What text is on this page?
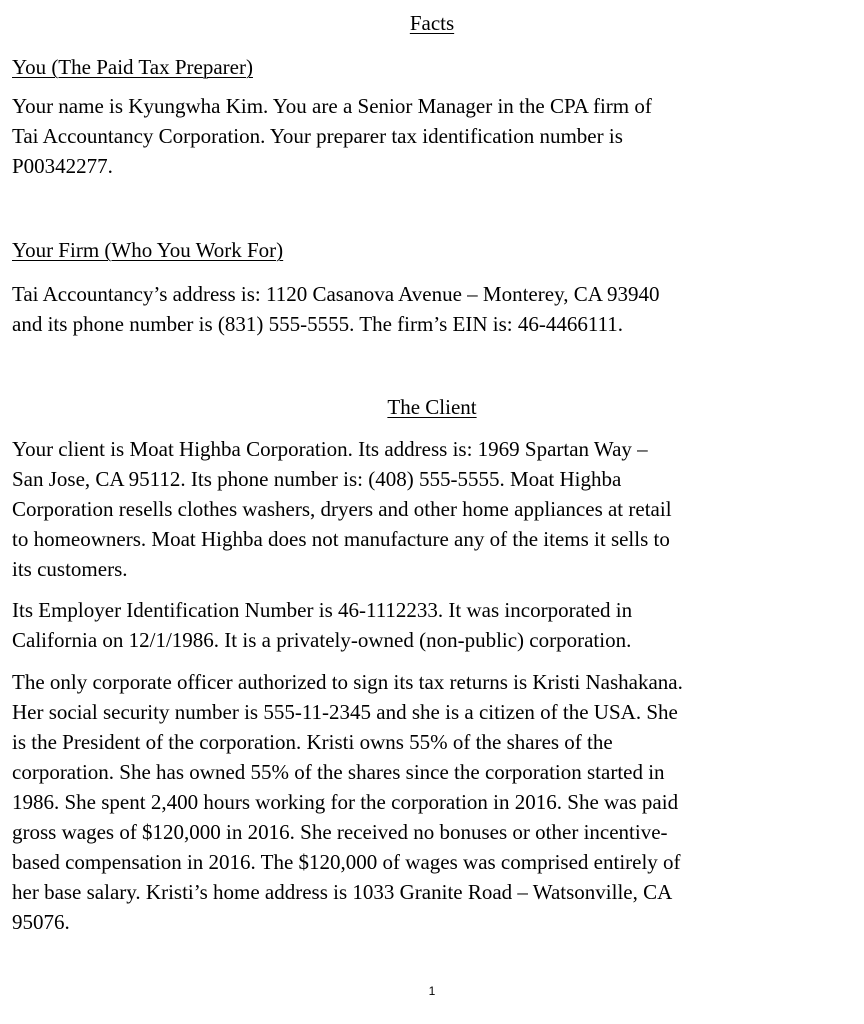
Facts
You (The Paid Tax Preparer)
Your name is Kyungwha Kim. You are a Senior Manager in the CPA firm of
Tai Accountancy Corporation. Your preparer tax identification number is
P00342277.
Your Firm (Who You Work For)
Tai Accountancy’s address is: 1120 Casanova Avenue – Monterey, CA 93940
and its phone number is (831) 555-5555. The firm’s EIN is: 46-4466111.
The Client
Your client is Moat Highba Corporation. Its address is: 1969 Spartan Way –
San Jose, CA 95112. Its phone number is: (408) 555-5555. Moat Highba
Corporation resells clothes washers, dryers and other home appliances at retail
to homeowners. Moat Highba does not manufacture any of the items it sells to
its customers.
Its Employer Identification Number is 46-1112233. It was incorporated in
California on 12/1/1986. It is a privately-owned (non-public) corporation.
The only corporate officer authorized to sign its tax returns is Kristi Nashakana.
Her social security number is 555-11-2345 and she is a citizen of the USA. She
is the President of the corporation. Kristi owns 55% of the shares of the
corporation. She has owned 55% of the shares since the corporation started in
1986. She spent 2,400 hours working for the corporation in 2016. She was paid
gross wages of $120,000 in 2016. She received no bonuses or other incentive-
based compensation in 2016. The $120,000 of wages was comprised entirely of
her base salary. Kristi’s home address is 1033 Granite Road – Watsonville, CA
95076.
1
